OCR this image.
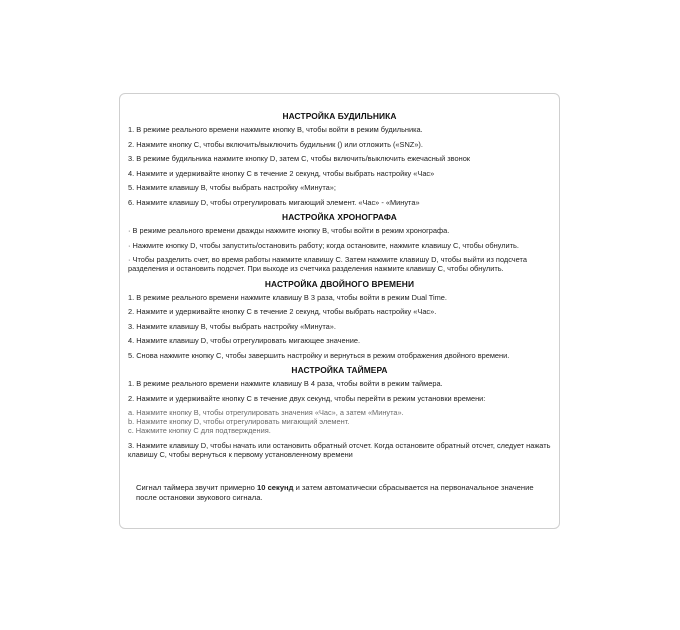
НАСТРОЙКА БУДИЛЬНИКА

1. В режиме реального времени нажмите кнопку B, чтобы войти в режим будильника.

2. Нажмите кнопку C, чтобы включить/выключить будильник () или отложить («SNZ»).

3. В режиме будильника нажмите кнопку D, затем C, чтобы включить/выключить ежечасный звонок

4. Нажмите и удерживайте кнопку C в течение 2 секунд, чтобы выбрать настройку «Час»

5. Нажмите клавишу B, чтобы выбрать настройку «Минута»;

6. Нажмите клавишу D, чтобы отрегулировать мигающий элемент. «Час» - «Минута»

НАСТРОЙКА ХРОНОГРАФА

· В режиме реального времени дважды нажмите кнопку B, чтобы войти в режим хронографа.

· Нажмите кнопку D, чтобы запустить/остановить работу; когда остановите, нажмите клавишу C, чтобы обнулить.

· Чтобы разделить счет, во время работы нажмите клавишу C. Затем нажмите клавишу D, чтобы выйти из подсчета разделения и остановить подсчет. При выходе из счетчика разделения нажмите клавишу C, чтобы обнулить.

НАСТРОЙКА ДВОЙНОГО ВРЕМЕНИ

1. В режиме реального времени нажмите клавишу B 3 раза, чтобы войти в режим Dual Time.

2. Нажмите и удерживайте кнопку C в течение 2 секунд, чтобы выбрать настройку «Час».

3. Нажмите клавишу B, чтобы выбрать настройку «Минута».

4. Нажмите клавишу D, чтобы отрегулировать мигающее значение.

5. Снова нажмите кнопку C, чтобы завершить настройку и вернуться в режим отображения двойного времени.

НАСТРОЙКА ТАЙМЕРА

1. В режиме реального времени нажмите клавишу B 4 раза, чтобы войти в режим таймера.

2. Нажмите и удерживайте кнопку C в течение двух секунд, чтобы перейти в режим установки времени:

a. Нажмите кнопку B, чтобы отрегулировать значения «Час», а затем «Минута».

b. Нажмите кнопку D, чтобы отрегулировать мигающий элемент.

c. Нажмите кнопку C для подтверждения.

3. Нажмите клавишу D, чтобы начать или остановить обратный отсчет. Когда остановите обратный отсчет, следует нажать клавишу C, чтобы вернуться к первому установленному времени

Сигнал таймера звучит примерно 10 секунд и затем автоматически сбрасывается на первоначальное значение после остановки звукового сигнала.
